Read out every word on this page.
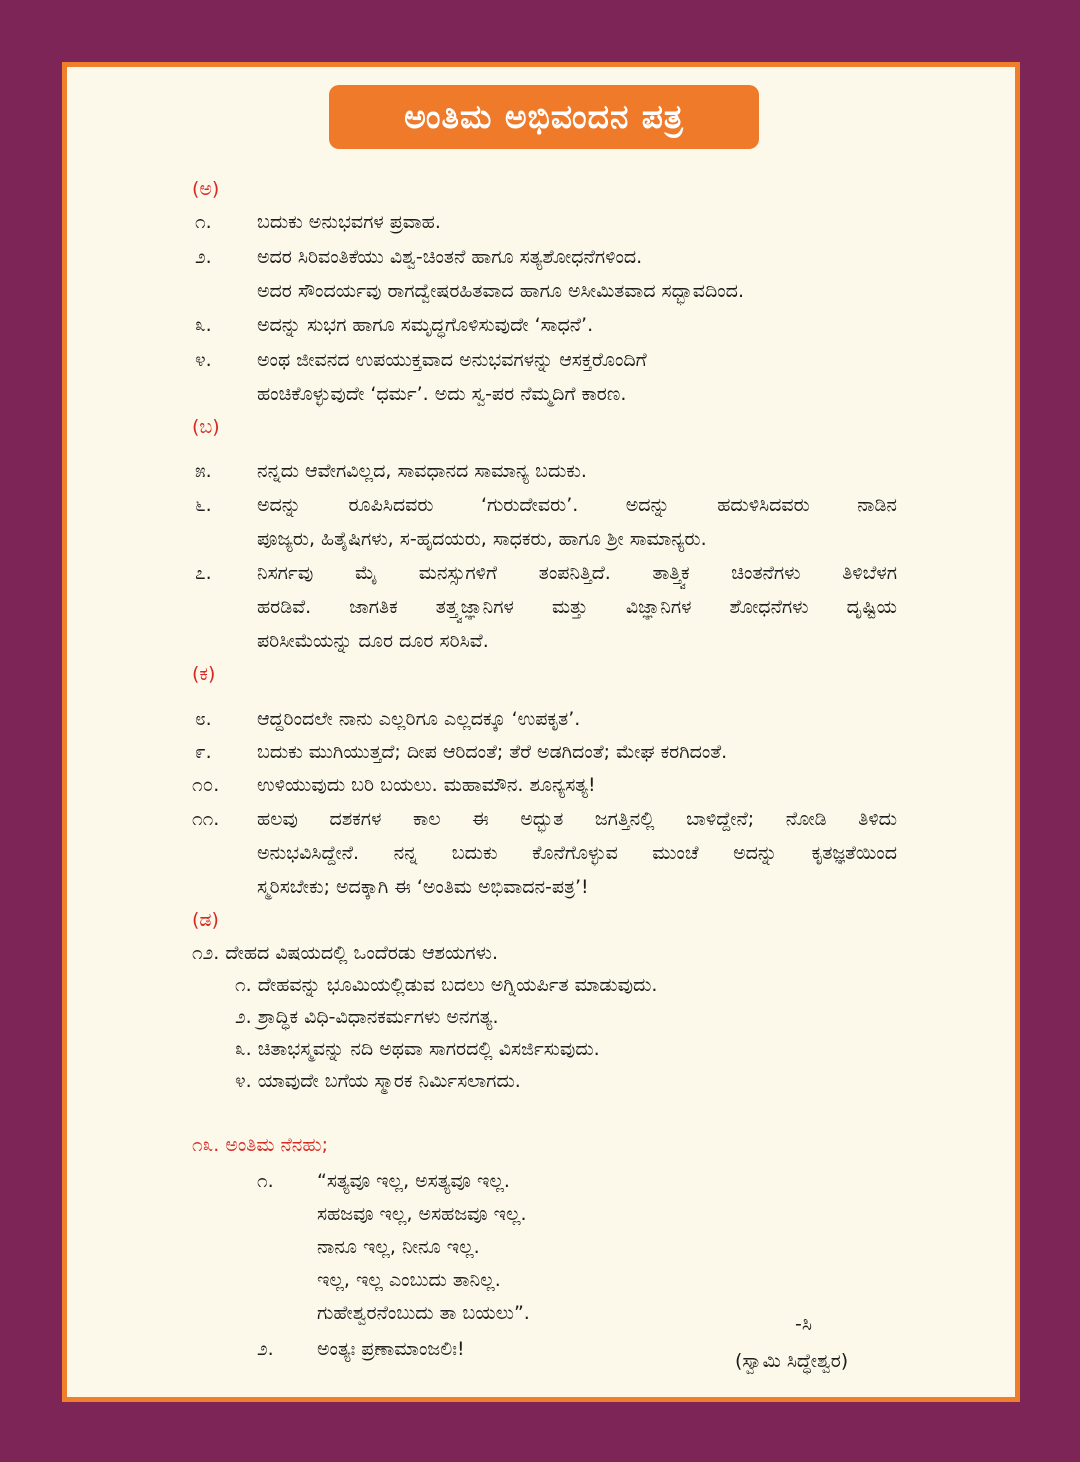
ಅಂತಿಮ ಅಭಿವಂದನ ಪತ್ರ
(ಅ)
೧. ಬದುಕು ಅನುಭವಗಳ ಪ್ರವಾಹ.
೨. ಅದರ ಸಿರಿವಂತಿಕೆಯು ವಿಶ್ವ-ಚಿಂತನೆ ಹಾಗೂ ಸತ್ಯಶೋಧನೆಗಳಿಂದ.
ಅದರ ಸೌಂದರ್ಯವು ರಾಗದ್ವೇಷರಹಿತವಾದ ಹಾಗೂ ಅಸೀಮಿತವಾದ ಸದ್ಭಾವದಿಂದ.
೩. ಅದನ್ನು ಸುಭಗ ಹಾಗೂ ಸಮೃದ್ಧಗೊಳಿಸುವುದೇ ‘ಸಾಧನೆ’.
೪. ಅಂಥ ಜೀವನದ ಉಪಯುಕ್ತವಾದ ಅನುಭವಗಳನ್ನು ಆಸಕ್ತರೊಂದಿಗೆ
ಹಂಚಿಕೊಳ್ಳುವುದೇ ‘ಧರ್ಮ’. ಅದು ಸ್ವ-ಪರ ನೆಮ್ಮದಿಗೆ ಕಾರಣ.
(ಬ)
೫. ನನ್ನದು ಆವೇಗವಿಲ್ಲದ, ಸಾವಧಾನದ ಸಾಮಾನ್ಯ ಬದುಕು.
೬. ಅದನ್ನು ರೂಪಿಸಿದವರು ‘ಗುರುದೇವರು’. ಅದನ್ನು ಹದುಳಿಸಿದವರು ನಾಡಿನ
ಪೂಜ್ಯರು, ಹಿತೈಷಿಗಳು, ಸ-ಹೃದಯರು, ಸಾಧಕರು, ಹಾಗೂ ಶ್ರೀ ಸಾಮಾನ್ಯರು.
೭. ನಿಸರ್ಗವು ಮೈ ಮನಸ್ಸುಗಳಿಗೆ ತಂಪನಿತ್ತಿದೆ. ತಾತ್ತ್ವಿಕ ಚಿಂತನೆಗಳು ತಿಳಿಬೆಳಗ
ಹರಡಿವೆ. ಜಾಗತಿಕ ತತ್ತ್ವಜ್ಞಾನಿಗಳ ಮತ್ತು ವಿಜ್ಞಾನಿಗಳ ಶೋಧನೆಗಳು ದೃಷ್ಟಿಯ
ಪರಿಸೀಮೆಯನ್ನು ದೂರ ದೂರ ಸರಿಸಿವೆ.
(ಕ)
೮. ಆದ್ದರಿಂದಲೇ ನಾನು ಎಲ್ಲರಿಗೂ ಎಲ್ಲದಕ್ಕೂ ‘ಉಪಕೃತ’.
೯. ಬದುಕು ಮುಗಿಯುತ್ತದೆ; ದೀಪ ಆರಿದಂತೆ; ತೆರೆ ಅಡಗಿದಂತೆ; ಮೇಘ ಕರಗಿದಂತೆ.
೧೦. ಉಳಿಯುವುದು ಬರಿ ಬಯಲು. ಮಹಾಮೌನ. ಶೂನ್ಯಸತ್ಯ!
೧೧. ಹಲವು ದಶಕಗಳ ಕಾಲ ಈ ಅದ್ಭುತ ಜಗತ್ತಿನಲ್ಲಿ ಬಾಳಿದ್ದೇನೆ; ನೋಡಿ ತಿಳಿದು
ಅನುಭವಿಸಿದ್ದೇನೆ. ನನ್ನ ಬದುಕು ಕೊನೆಗೊಳ್ಳುವ ಮುಂಚೆ ಅದನ್ನು ಕೃತಜ್ಞತೆಯಿಂದ
ಸ್ಮರಿಸಬೇಕು; ಅದಕ್ಕಾಗಿ ಈ ‘ಅಂತಿಮ ಅಭಿವಾದನ-ಪತ್ರ’!
(ಡ)
೧೨. ದೇಹದ ವಿಷಯದಲ್ಲಿ ಒಂದೆರಡು ಆಶಯಗಳು.
೧. ದೇಹವನ್ನು ಭೂಮಿಯಲ್ಲಿಡುವ ಬದಲು ಅಗ್ನಿಯರ್ಪಿತ ಮಾಡುವುದು.
೨. ಶ್ರಾದ್ಧಿಕ ವಿಧಿ-ವಿಧಾನಕರ್ಮಗಳು ಅನಗತ್ಯ.
೩. ಚಿತಾಭಸ್ಮವನ್ನು ನದಿ ಅಥವಾ ಸಾಗರದಲ್ಲಿ ವಿಸರ್ಜಿಸುವುದು.
೪. ಯಾವುದೇ ಬಗೆಯ ಸ್ಮಾರಕ ನಿರ್ಮಿಸಲಾಗದು.
೧೩. ಅಂತಿಮ ನೆನಹು;
೧. “ಸತ್ಯವೂ ಇಲ್ಲ, ಅಸತ್ಯವೂ ಇಲ್ಲ.
ಸಹಜವೂ ಇಲ್ಲ, ಅಸಹಜವೂ ಇಲ್ಲ.
ನಾನೂ ಇಲ್ಲ, ನೀನೂ ಇಲ್ಲ.
ಇಲ್ಲ, ಇಲ್ಲ ಎಂಬುದು ತಾನಿಲ್ಲ.
ಗುಹೇಶ್ವರನೆಂಬುದು ತಾ ಬಯಲು”.
೨. ಅಂತ್ಯಃ ಪ್ರಣಾಮಾಂಜಲಿಃ!
-ಸಿ
(ಸ್ವಾಮಿ ಸಿದ್ಧೇಶ್ವರ)
